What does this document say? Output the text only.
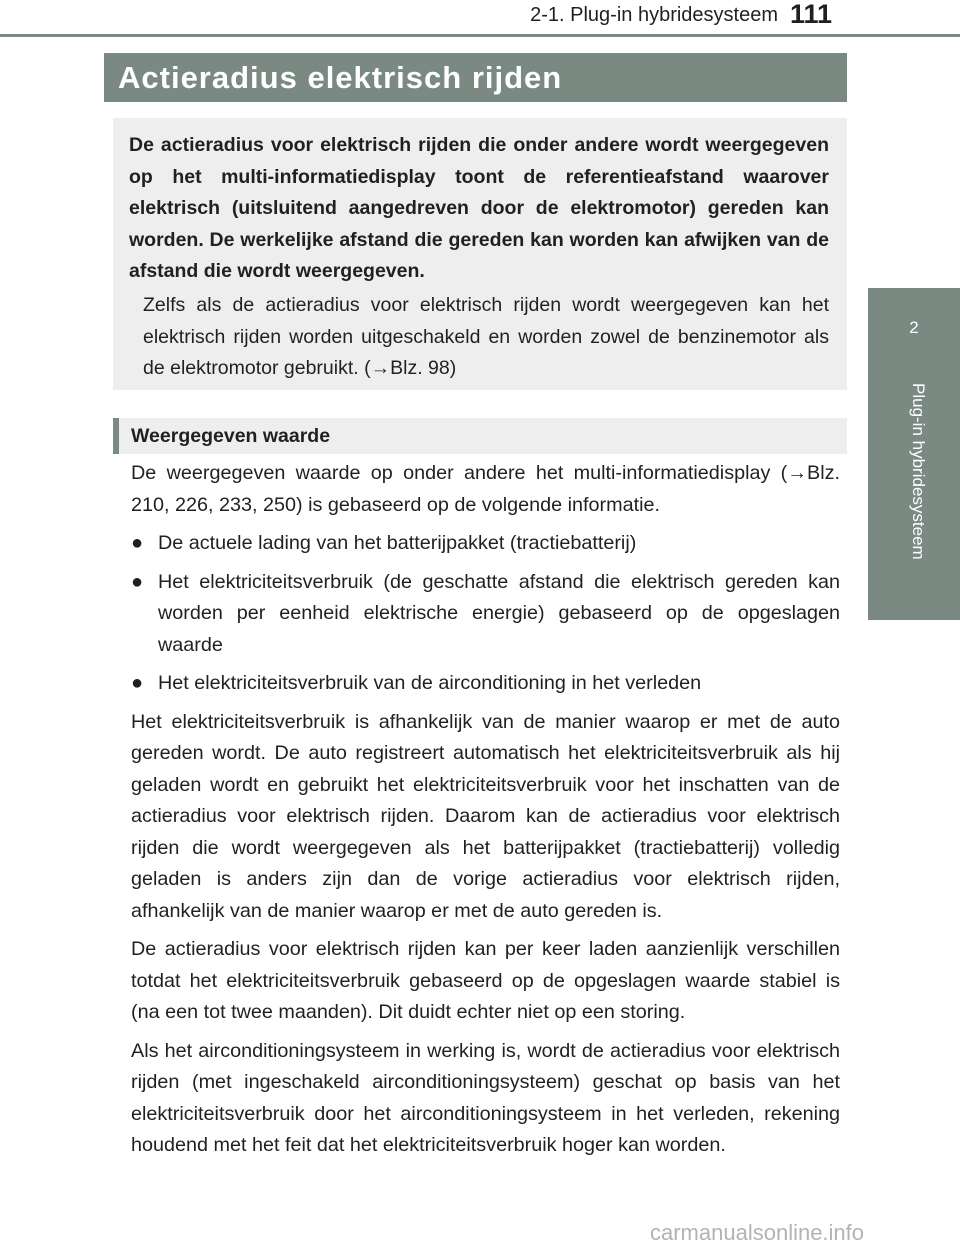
2-1. Plug-in hybridesysteem 111
2
Plug-in hybridesysteem
Actieradius elektrisch rijden

De actieradius voor elektrisch rijden die onder andere wordt weergegeven op het multi-informatiedisplay toont de referentieafstand waarover elektrisch (uitsluitend aangedreven door de elektromotor) gereden kan worden. De werkelijke afstand die gereden kan worden kan afwijken van de afstand die wordt weergegeven.

Zelfs als de actieradius voor elektrisch rijden wordt weergegeven kan het elektrisch rijden worden uitgeschakeld en worden zowel de benzinemotor als de elektromotor gebruikt. (→Blz. 98)

Weergegeven waarde

De weergegeven waarde op onder andere het multi-informatiedisplay (→Blz. 210, 226, 233, 250) is gebaseerd op de volgende informatie.

● De actuele lading van het batterijpakket (tractiebatterij)
● Het elektriciteitsverbruik (de geschatte afstand die elektrisch gereden kan worden per eenheid elektrische energie) gebaseerd op de opgeslagen waarde
● Het elektriciteitsverbruik van de airconditioning in het verleden

Het elektriciteitsverbruik is afhankelijk van de manier waarop er met de auto gereden wordt. De auto registreert automatisch het elektriciteitsverbruik als hij geladen wordt en gebruikt het elektriciteitsverbruik voor het inschatten van de actieradius voor elektrisch rijden. Daarom kan de actieradius voor elektrisch rijden die wordt weergegeven als het batterijpakket (tractiebatterij) volledig geladen is anders zijn dan de vorige actieradius voor elektrisch rijden, afhankelijk van de manier waarop er met de auto gereden is.

De actieradius voor elektrisch rijden kan per keer laden aanzienlijk verschillen totdat het elektriciteitsverbruik gebaseerd op de opgeslagen waarde stabiel is (na een tot twee maanden). Dit duidt echter niet op een storing.

Als het airconditioningsysteem in werking is, wordt de actieradius voor elektrisch rijden (met ingeschakeld airconditioningsysteem) geschat op basis van het elektriciteitsverbruik door het airconditioningsysteem in het verleden, rekening houdend met het feit dat het elektriciteitsverbruik hoger kan worden.

carmanualsonline.info
